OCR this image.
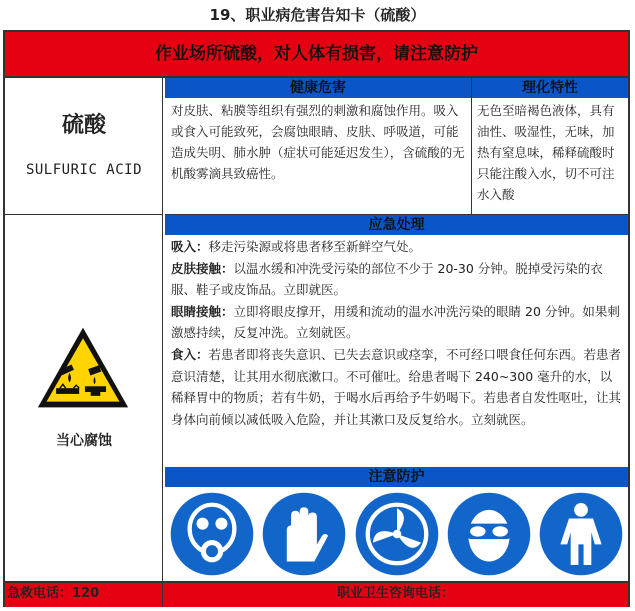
19、职业病危害告知卡（硫酸）
作业场所硫酸，对人体有损害，请注意防护
硫酸
SULFURIC ACID
健康危害	理化特性
对皮肤、粘膜等组织有强烈的刺激和腐蚀作用。吸入或食入可能致死，会腐蚀眼睛、皮肤、呼吸道，可能造成失明、肺水肿（症状可能延迟发生），含硫酸的无机酸雾滴具致癌性。
无色至暗褐色液体，具有油性、吸湿性，无味，加热有窒息味，稀释硫酸时只能注酸入水，切不可注水入酸
当心腐蚀
应急处理

吸入：移走污染源或将患者移至新鲜空气处。

皮肤接触：以温水缓和冲洗受污染的部位不少于 20-30 分钟。脱掉受污染的衣服、鞋子或皮饰品。立即就医。

眼睛接触：立即将眼皮撑开，用缓和流动的温水冲洗污染的眼睛 20 分钟。如果刺激感持续，反复冲洗。立刻就医。

食入：若患者即将丧失意识、已失去意识或痉挛，不可经口喂食任何东西。若患者意识清楚，让其用水彻底漱口。不可催吐。给患者喝下 240~300 毫升的水，以稀释胃中的物质；若有牛奶，于喝水后再给予牛奶喝下。若患者自发性呕吐，让其身体向前倾以减低吸入危险，并让其漱口及反复给水。立刻就医。

注意防护
急救电话：120	职业卫生咨询电话：
